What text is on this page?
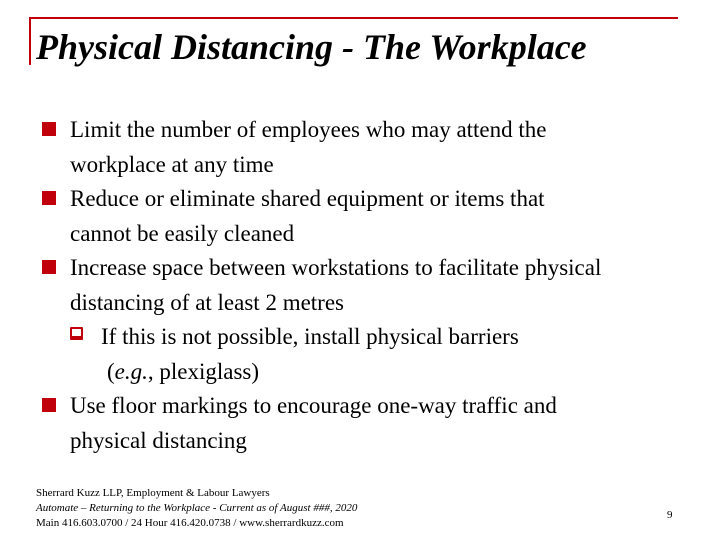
Physical Distancing - The Workplace
Limit the number of employees who may attend the
workplace at any time
Reduce or eliminate shared equipment or items that
cannot be easily cleaned
Increase space between workstations to facilitate physical
distancing of at least 2 metres
If this is not possible, install physical barriers
(e.g., plexiglass)
Use floor markings to encourage one-way traffic and
physical distancing
Sherrard Kuzz LLP, Employment & Labour Lawyers
Automate – Returning to the Workplace - Current as of August ###, 2020
Main 416.603.0700 / 24 Hour 416.420.0738 / www.sherrardkuzz.com
9
